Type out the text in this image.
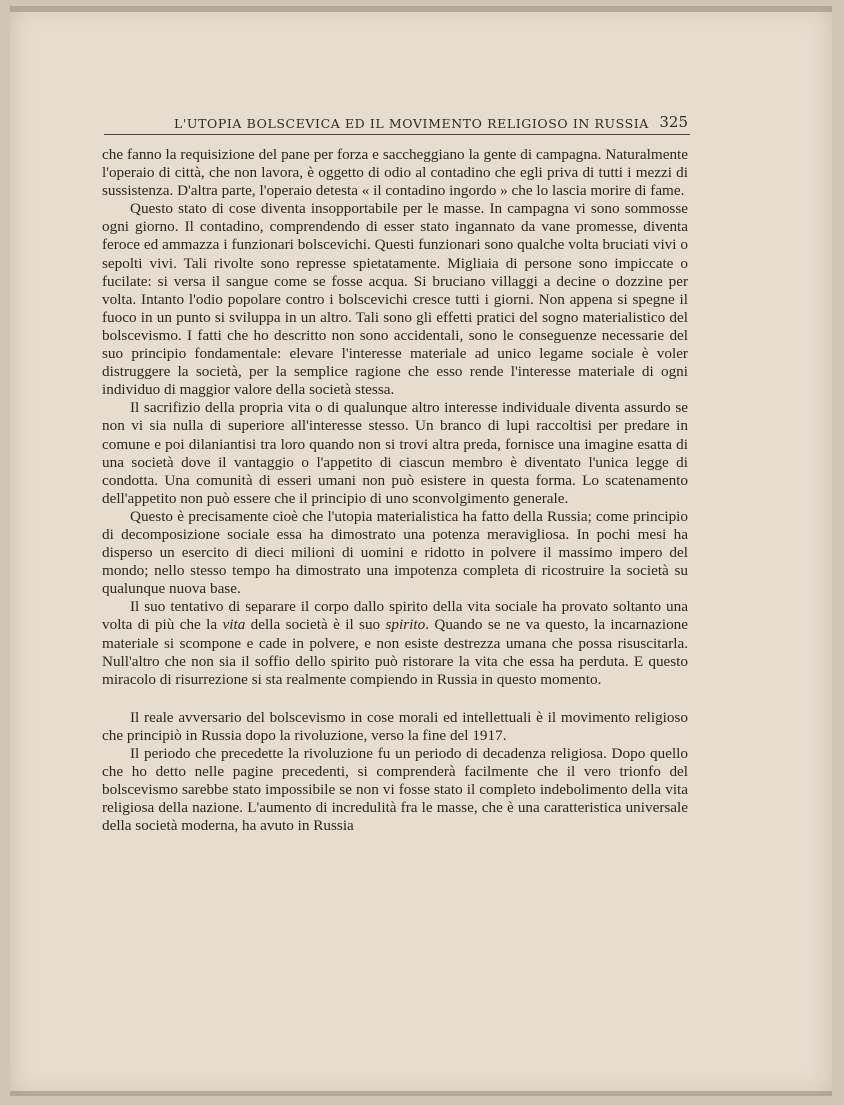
L'UTOPIA BOLSCEVICA ED IL MOVIMENTO RELIGIOSO IN RUSSIA 325

che fanno la requisizione del pane per forza e saccheggiano la gente di campagna. Naturalmente l'operaio di città, che non lavora, è oggetto di odio al contadino che egli priva di tutti i mezzi di sussistenza. D'altra parte, l'operaio detesta « il contadino ingordo » che lo lascia morire di fame.

Questo stato di cose diventa insopportabile per le masse. In campagna vi sono sommosse ogni giorno. Il contadino, comprendendo di esser stato ingannato da vane promesse, diventa feroce ed ammazza i funzionari bolscevichi. Questi funzionari sono qualche volta bruciati vivi o sepolti vivi. Tali rivolte sono represse spietatamente. Migliaia di persone sono impiccate o fucilate: si versa il sangue come se fosse acqua. Si bruciano villaggi a decine o dozzine per volta. Intanto l'odio popolare contro i bolscevichi cresce tutti i giorni. Non appena si spegne il fuoco in un punto si sviluppa in un altro. Tali sono gli effetti pratici del sogno materialistico del bolscevismo. I fatti che ho descritto non sono accidentali, sono le conseguenze necessarie del suo principio fondamentale: elevare l'interesse materiale ad unico legame sociale è voler distruggere la società, per la semplice ragione che esso rende l'interesse materiale di ogni individuo di maggior valore della società stessa.

Il sacrifizio della propria vita o di qualunque altro interesse individuale diventa assurdo se non vi sia nulla di superiore all'interesse stesso. Un branco di lupi raccoltisi per predare in comune e poi dilaniantisi tra loro quando non si trovi altra preda, fornisce una imagine esatta di una società dove il vantaggio o l'appetito di ciascun membro è diventato l'unica legge di condotta. Una comunità di esseri umani non può esistere in questa forma. Lo scatenamento dell'appetito non può essere che il principio di uno sconvolgimento generale.

Questo è precisamente cioè che l'utopia materialistica ha fatto della Russia; come principio di decomposizione sociale essa ha dimostrato una potenza meravigliosa. In pochi mesi ha disperso un esercito di dieci milioni di uomini e ridotto in polvere il massimo impero del mondo; nello stesso tempo ha dimostrato una impotenza completa di ricostruire la società su qualunque nuova base.

Il suo tentativo di separare il corpo dallo spirito della vita sociale ha provato soltanto una volta di più che la vita della società è il suo spirito. Quando se ne va questo, la incarnazione materiale si scompone e cade in polvere, e non esiste destrezza umana che possa risuscitarla. Null'altro che non sia il soffio dello spirito può ristorare la vita che essa ha perduta. E questo miracolo di risurrezione si sta realmente compiendo in Russia in questo momento.

Il reale avversario del bolscevismo in cose morali ed intellettuali è il movimento religioso che principiò in Russia dopo la rivoluzione, verso la fine del 1917.

Il periodo che precedette la rivoluzione fu un periodo di decadenza religiosa. Dopo quello che ho detto nelle pagine precedenti, si comprenderà facilmente che il vero trionfo del bolscevismo sarebbe stato impossibile se non vi fosse stato il completo indebolimento della vita religiosa della nazione. L'aumento di incredulità fra le masse, che è una caratteristica universale della società moderna, ha avuto in Russia
